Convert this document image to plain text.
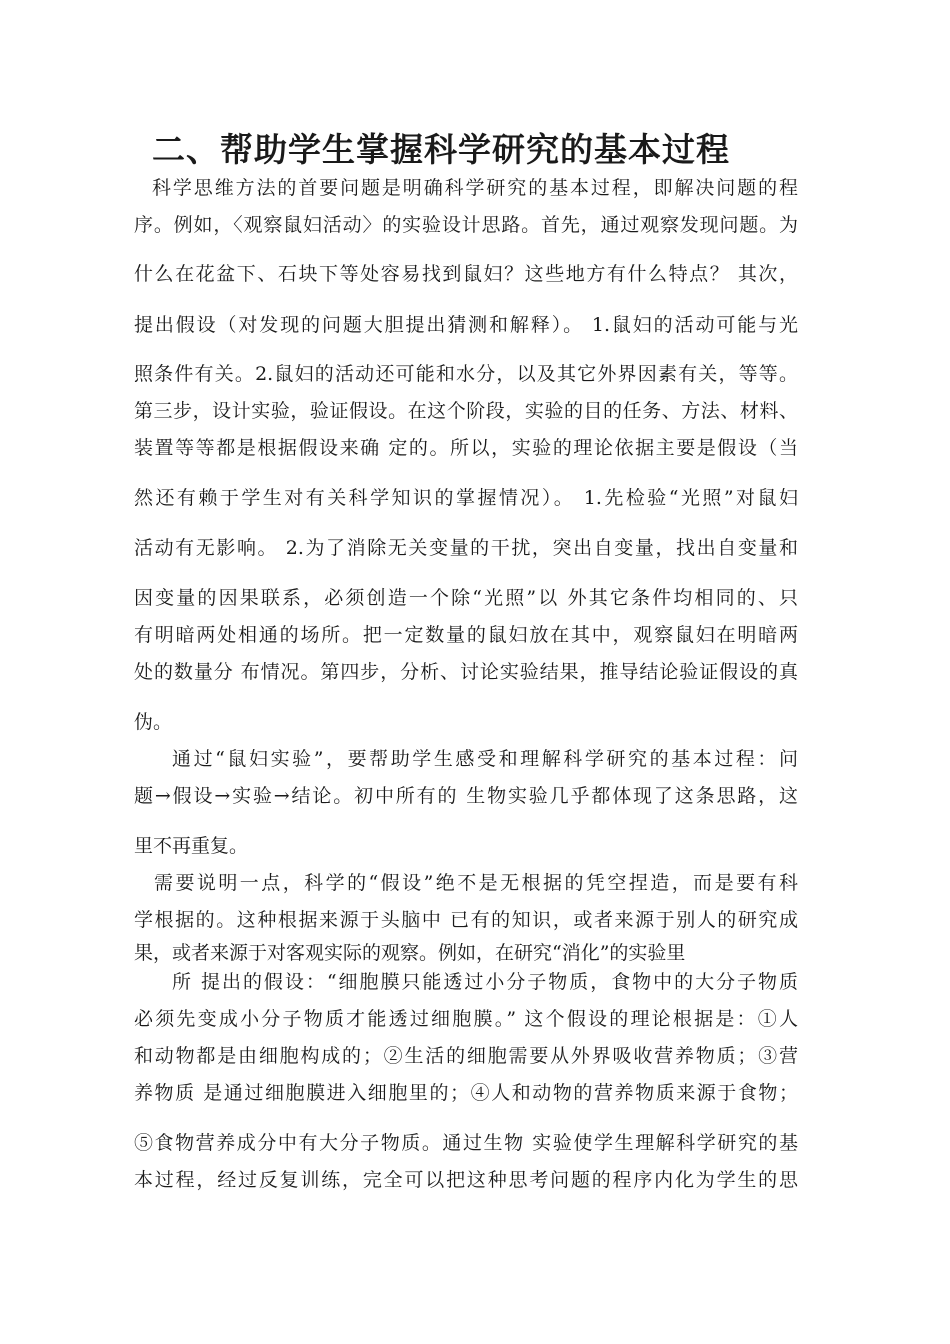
二、帮助学生掌握科学研究的基本过程

科学思维方法的首要问题是明确科学研究的基本过程，即解决问题的程

序。例如，〈观察鼠妇活动〉的实验设计思路。首先，通过观察发现问题。为

什么在花盆下、石块下等处容易找到鼠妇？这些地方有什么特点？ 其次，

提出假设（对发现的问题大胆提出猜测和解释）。 1.鼠妇的活动可能与光

照条件有关。2.鼠妇的活动还可能和水分，以及其它外界因素有关，等等。

第三步，设计实验，验证假设。在这个阶段，实验的目的任务、方法、材料、

装置等等都是根据假设来确 定的。所以，实验的理论依据主要是假设（当

然还有赖于学生对有关科学知识的掌握情况）。 1.先检验“光照”对鼠妇

活动有无影响。 2.为了消除无关变量的干扰，突出自变量，找出自变量和

因变量的因果联系，必须创造一个除“光照”以 外其它条件均相同的、只

有明暗两处相通的场所。把一定数量的鼠妇放在其中，观察鼠妇在明暗两

处的数量分 布情况。第四步，分析、讨论实验结果，推导结论验证假设的真

伪。

通过“鼠妇实验”，要帮助学生感受和理解科学研究的基本过程：问

题→假设→实验→结论。初中所有的 生物实验几乎都体现了这条思路，这

里不再重复。

需要说明一点，科学的“假设”绝不是无根据的凭空捏造，而是要有科

学根据的。这种根据来源于头脑中 已有的知识，或者来源于别人的研究成

果，或者来源于对客观实际的观察。例如，在研究“消化”的实验里

所 提出的假设：“细胞膜只能透过小分子物质，食物中的大分子物质

必须先变成小分子物质才能透过细胞膜。” 这个假设的理论根据是：①人

和动物都是由细胞构成的；②生活的细胞需要从外界吸收营养物质；③营

养物质 是通过细胞膜进入细胞里的；④人和动物的营养物质来源于食物；

⑤食物营养成分中有大分子物质。通过生物 实验使学生理解科学研究的基

本过程，经过反复训练，完全可以把这种思考问题的程序内化为学生的思
